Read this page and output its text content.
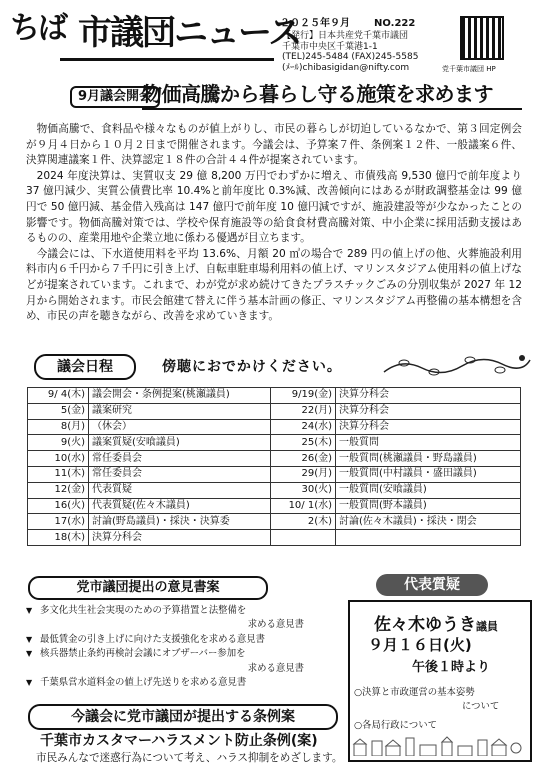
ちば 市議団ニュース
２０２５年９月 NO.222
【発行】日本共産党千葉市議団
千葉市中央区千葉港1-1
(TEL)245-5484 (FAX)245-5585
(ﾒｰﾙ)chibasigidan@nifty.com	党千葉市議団 HP
9月議会開会
物価高騰から暮らし守る施策を求めます

物価高騰で、食料品や様々なものが値上がりし、市民の暮らしが切迫しているなかで、第３回定例会が９月４日から１０月２日まで開催されます。今議会は、予算案７件、条例案１２件、一般議案６件、決算関連議案１件、決算認定１８件の合計４４件が提案されています。

2024 年度決算は、実質収支 29 億 8,200 万円でわずかに増え、市債残高 9,530 億円で前年度より 37 億円減少、実質公債費比率 10.4%と前年度比 0.3%減、改善傾向にはあるが財政調整基金は 99 億円で 50 億円減、基金借入残高は 147 億円で前年度 10 億円減ですが、施設建設等が少なかったことの影響です。物価高騰対策では、学校や保育施設等の給食食材費高騰対策、中小企業に採用活動支援はあるものの、産業用地や企業立地に係わる優遇が目立ちます。

今議会には、下水道使用料を平均 13.6%、月額 20 ㎥の場合で 289 円の値上げの他、火葬施設利用料市内６千円から７千円に引き上げ、自転車駐車場利用料の値上げ、マリンスタジアム使用料の値上げなどが提案されています。これまで、わが党が求め続けてきたプラスチックごみの分別収集が 2027 年 12 月から開始されます。市民会館建て替えに伴う基本計画の修正、マリンスタジアム再整備の基本構想を含め、市民の声を聴きながら、改善を求めていきます。

議会日程	傍聴におでかけください。
9/ 4(木)	議会開会・条例提案(桃瀬議員)	9/19(金)	決算分科会
5(金)	議案研究	22(月)	決算分科会
8(月)	（休会）	24(水)	決算分科会
9(火)	議案質疑(安喰議員)	25(木)	一般質問
10(水)	常任委員会	26(金)	一般質問(桃瀬議員・野島議員)
11(木)	常任委員会	29(月)	一般質問(中村議員・盛田議員)
12(金)	代表質疑	30(火)	一般質問(安喰議員)
16(火)	代表質疑(佐々木議員)	10/ 1(水)	一般質問(野本議員)
17(水)	討論(野島議員)・採決・決算委	2(木)	討論(佐々木議員)・採決・閉会
18(木)	決算分科会		
党市議団提出の意見書案
▼ 多文化共生社会実現のための予算措置と法整備を
求める意見書
▼ 最低賃金の引き上げに向けた支援強化を求める意見書
▼ 核兵器禁止条約再検討会議にオブザーバー参加を
求める意見書
▼ 千葉県営水道料金の値上げ先送りを求める意見書
今議会に党市議団が提出する条例案
千葉市カスタマーハラスメント防止条例(案)
市民みんなで迷惑行為について考え、ハラス抑制をめざします。
代表質疑
佐々木ゆうき議員
９月１６日(火)
午後１時より
○決算と市政運営の基本姿勢
について
○各局行政について
